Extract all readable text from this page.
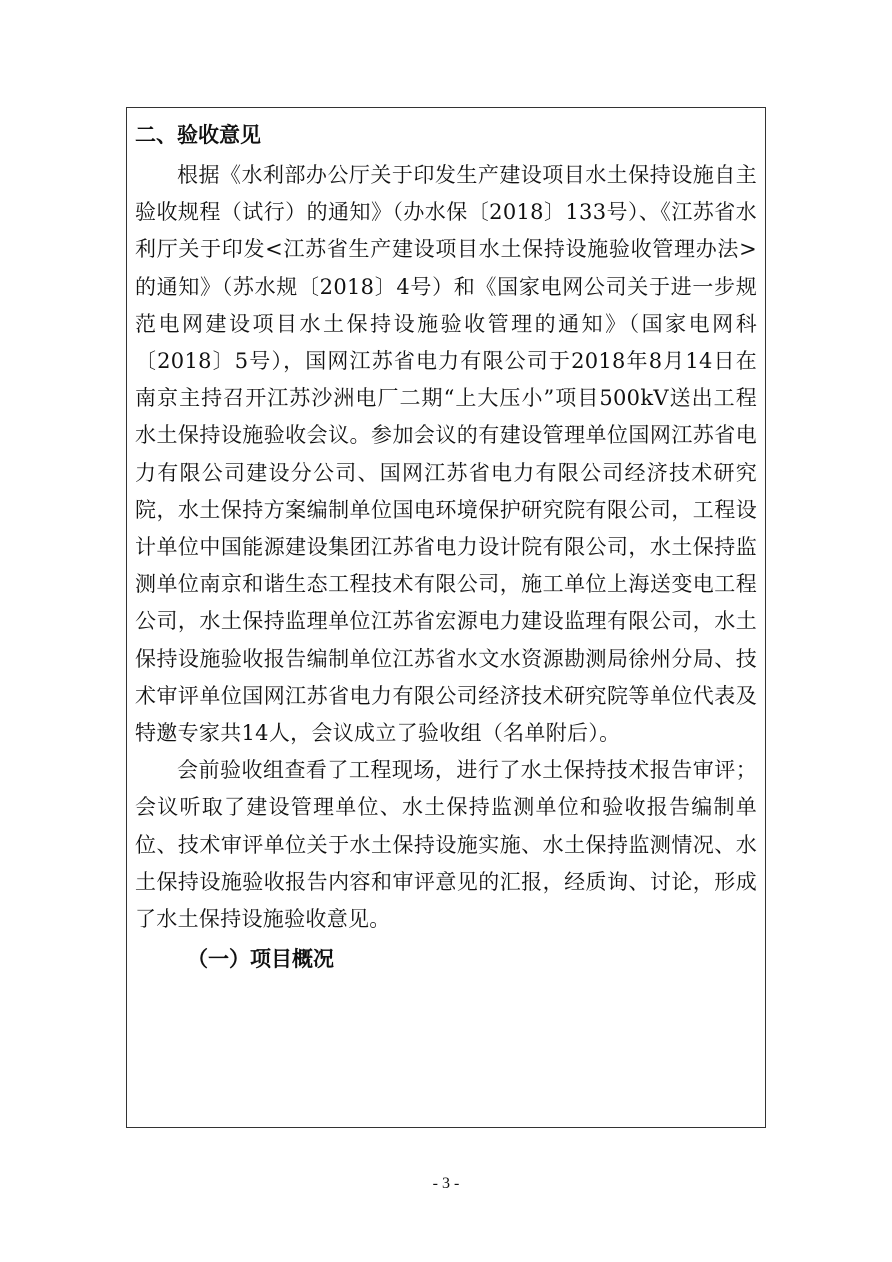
二、验收意见

根据《水利部办公厅关于印发生产建设项目水土保持设施自主验收规程（试行）的通知》（办水保〔2018〕133号）、《江苏省水利厅关于印发<江苏省生产建设项目水土保持设施验收管理办法>的通知》（苏水规〔2018〕4号）和《国家电网公司关于进一步规范电网建设项目水土保持设施验收管理的通知》（国家电网科〔2018〕5号），国网江苏省电力有限公司于2018年8月14日在南京主持召开江苏沙洲电厂二期“上大压小”项目500kV送出工程水土保持设施验收会议。参加会议的有建设管理单位国网江苏省电力有限公司建设分公司、国网江苏省电力有限公司经济技术研究院，水土保持方案编制单位国电环境保护研究院有限公司，工程设计单位中国能源建设集团江苏省电力设计院有限公司，水土保持监测单位南京和谐生态工程技术有限公司，施工单位上海送变电工程公司，水土保持监理单位江苏省宏源电力建设监理有限公司，水土保持设施验收报告编制单位江苏省水文水资源勘测局徐州分局、技术审评单位国网江苏省电力有限公司经济技术研究院等单位代表及特邀专家共14人，会议成立了验收组（名单附后）。

会前验收组查看了工程现场，进行了水土保持技术报告审评；会议听取了建设管理单位、水土保持监测单位和验收报告编制单位、技术审评单位关于水土保持设施实施、水土保持监测情况、水土保持设施验收报告内容和审评意见的汇报，经质询、讨论，形成了水土保持设施验收意见。

（一）项目概况
- 3 -
